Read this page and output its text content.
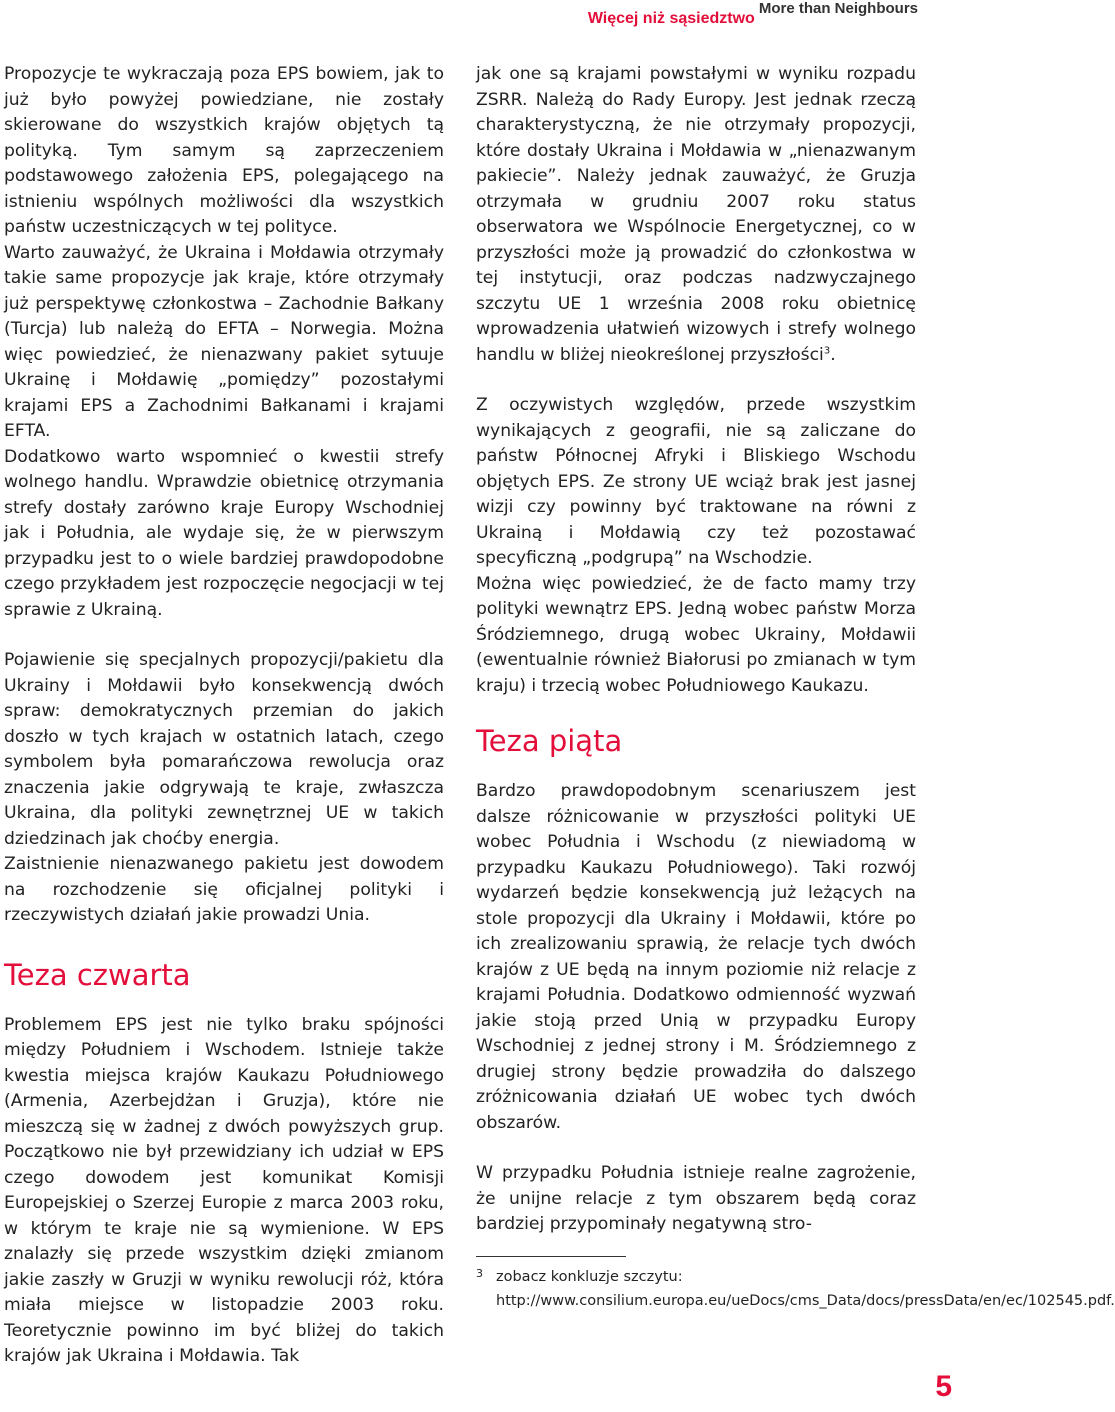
Więcej niż sąsiedztwo
More than Neighbours

Propozycje te wykraczają poza EPS bowiem, jak to już było powyżej powiedziane, nie zostały skierowane do wszystkich krajów objętych tą polityką. Tym samym są zaprzeczeniem podstawowego założenia EPS, polegającego na istnieniu wspólnych możliwości dla wszystkich państw uczestniczących w tej polityce.

Warto zauważyć, że Ukraina i Mołdawia otrzymały takie same propozycje jak kraje, które otrzymały już perspektywę członkostwa – Zachodnie Bałkany (Turcja) lub należą do EFTA – Norwegia. Można więc powiedzieć, że nienazwany pakiet sytuuje Ukrainę i Mołdawię „pomiędzy” pozostałymi krajami EPS a Zachodnimi Bałkanami i krajami EFTA.

Dodatkowo warto wspomnieć o kwestii strefy wolnego handlu. Wprawdzie obietnicę otrzymania strefy dostały zarówno kraje Europy Wschodniej jak i Południa, ale wydaje się, że w pierwszym przypadku jest to o wiele bardziej prawdopodobne czego przykładem jest rozpoczęcie negocjacji w tej sprawie z Ukrainą.

Pojawienie się specjalnych propozycji/pakietu dla Ukrainy i Mołdawii było konsekwencją dwóch spraw: demokratycznych przemian do jakich doszło w tych krajach w ostatnich latach, czego symbolem była pomarańczowa rewolucja oraz znaczenia jakie odgrywają te kraje, zwłaszcza Ukraina, dla polityki zewnętrznej UE w takich dziedzinach jak choćby energia.

Zaistnienie nienazwanego pakietu jest dowodem na rozchodzenie się oficjalnej polityki i rzeczywistych działań jakie prowadzi Unia.

Teza czwarta

Problemem EPS jest nie tylko braku spójności między Południem i Wschodem. Istnieje także kwestia miejsca krajów Kaukazu Południowego (Armenia, Azerbejdżan i Gruzja), które nie mieszczą się w żadnej z dwóch powyższych grup. Początkowo nie był przewidziany ich udział w EPS czego dowodem jest komunikat Komisji Europejskiej o Szerzej Europie z marca 2003 roku, w którym te kraje nie są wymienione. W EPS znalazły się przede wszystkim dzięki zmianom jakie zaszły w Gruzji w wyniku rewolucji róż, która miała miejsce w listopadzie 2003 roku. Teoretycznie powinno im być bliżej do takich krajów jak Ukraina i Mołdawia. Tak

jak one są krajami powstałymi w wyniku rozpadu ZSRR. Należą do Rady Europy. Jest jednak rzeczą charakterystyczną, że nie otrzymały propozycji, które dostały Ukraina i Mołdawia w „nienazwanym pakiecie”. Należy jednak zauważyć, że Gruzja otrzymała w grudniu 2007 roku status obserwatora we Wspólnocie Energetycznej, co w przyszłości może ją prowadzić do członkostwa w tej instytucji, oraz podczas nadzwyczajnego szczytu UE 1 września 2008 roku obietnicę wprowadzenia ułatwień wizowych i strefy wolnego handlu w bliżej nieokreślonej przyszłości$^3$.

Z oczywistych względów, przede wszystkim wynikających z geografii, nie są zaliczane do państw Północnej Afryki i Bliskiego Wschodu objętych EPS. Ze strony UE wciąż brak jest jasnej wizji czy powinny być traktowane na równi z Ukrainą i Mołdawią czy też pozostawać specyficzną „podgrupą” na Wschodzie.

Można więc powiedzieć, że de facto mamy trzy polityki wewnątrz EPS. Jedną wobec państw Morza Śródziemnego, drugą wobec Ukrainy, Mołdawii (ewentualnie również Białorusi po zmianach w tym kraju) i trzecią wobec Południowego Kaukazu.

Teza piąta

Bardzo prawdopodobnym scenariuszem jest dalsze różnicowanie w przyszłości polityki UE wobec Południa i Wschodu (z niewiadomą w przypadku Kaukazu Południowego). Taki rozwój wydarzeń będzie konsekwencją już leżących na stole propozycji dla Ukrainy i Mołdawii, które po ich zrealizowaniu sprawią, że relacje tych dwóch krajów z UE będą na innym poziomie niż relacje z krajami Południa. Dodatkowo odmienność wyzwań jakie stoją przed Unią w przypadku Europy Wschodniej z jednej strony i M. Śródziemnego z drugiej strony będzie prowadziła do dalszego zróżnicowania działań UE wobec tych dwóch obszarów.

W przypadku Południa istnieje realne zagrożenie, że unijne relacje z tym obszarem będą coraz bardziej przypominały negatywną stro-

3 zobacz konkluzje szczytu: http://www.consilium.europa.eu/ueDocs/cms_Data/docs/pressData/en/ec/102545.pdf.
5
